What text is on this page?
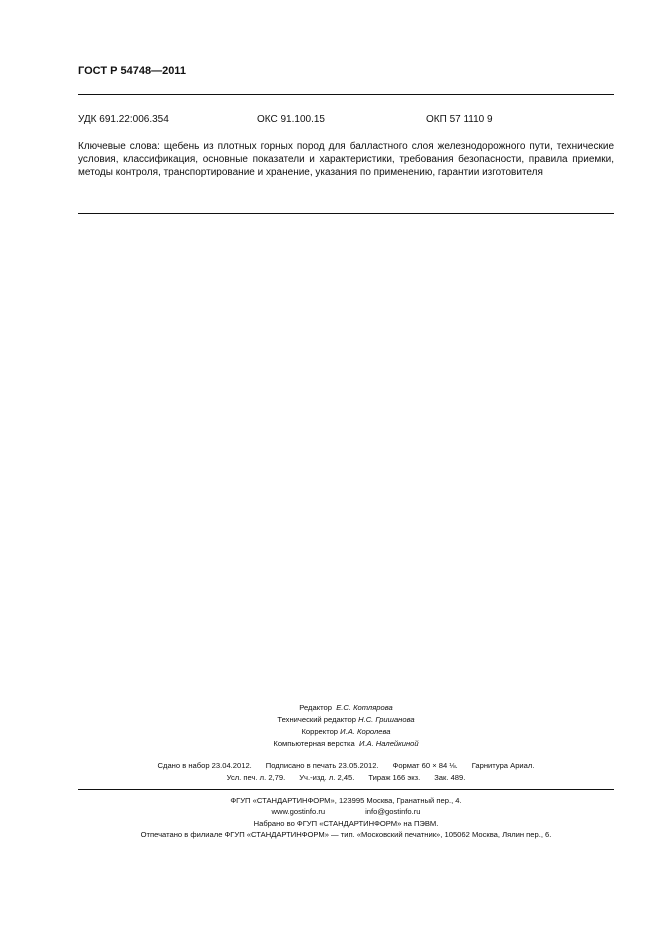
ГОСТ Р 54748—2011
УДК 691.22:006.354	ОКС 91.100.15	ОКП 57 1110 9
Ключевые слова: щебень из плотных горных пород для балластного слоя железнодорожного пути, технические условия, классификация, основные показатели и характеристики, требования безопасности, правила приемки, методы контроля, транспортирование и хранение, указания по применению, гарантии изготовителя
Редактор Е.С. Котлярова
Технический редактор Н.С. Гришанова
Корректор И.А. Королева
Компьютерная верстка И.А. Налейкиной
Сдано в набор 23.04.2012. Подписано в печать 23.05.2012. Формат 60 × 84 ⅛. Гарнитура Ариал.
Усл. печ. л. 2,79. Уч.-изд. л. 2,45. Тираж 166 экз. Зак. 489.
ФГУП «СТАНДАРТИНФОРМ», 123995 Москва, Гранатный пер., 4.
www.gostinfo.ru	info@gostinfo.ru
Набрано во ФГУП «СТАНДАРТИНФОРМ» на ПЭВМ.
Отпечатано в филиале ФГУП «СТАНДАРТИНФОРМ» — тип. «Московский печатник», 105062 Москва, Лялин пер., 6.
